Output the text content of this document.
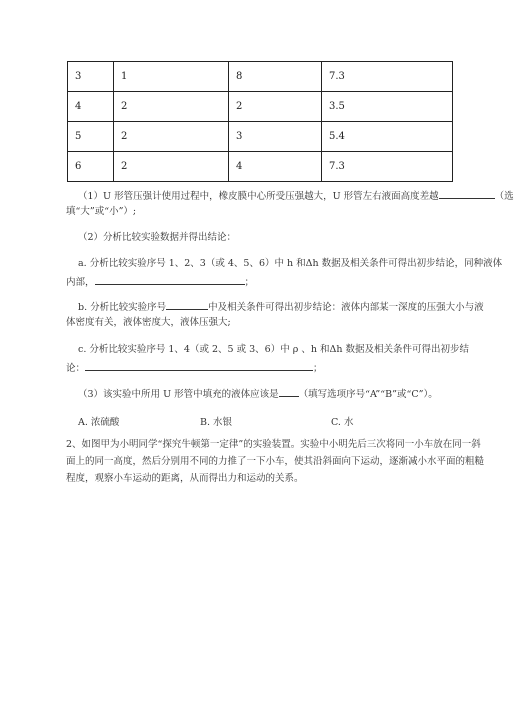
3	1	8	7.3
4	2	2	3.5
5	2	3	5.4
6	2	4	7.3
（1）U 形管压强计使用过程中，橡皮膜中心所受压强越大，U 形管左右液面高度差越	（选
填“大”或“小”）;
（2）分析比较实验数据并得出结论：
a. 分析比较实验序号 1、2、3（或 4、5、6）中 h 和Δh 数据及相关条件可得出初步结论，同种液体
内部，	；
b. 分析比较实验序号	中及相关条件可得出初步结论：液体内部某一深度的压强大小与液
体密度有关，液体密度大，液体压强大;
c. 分析比较实验序号 1、4（或 2、5 或 3、6）中 ρ 、h 和Δh 数据及相关条件可得出初步结
论：	；
（3）该实验中所用 U 形管中填充的液体应该是 （填写选项序号“A”“B”或“C”）。
A. 浓硫酸	B. 水银	C. 水
2、如图甲为小明同学“探究牛顿第一定律”的实验装置。实验中小明先后三次将同一小车放在同一斜
面上的同一高度，然后分别用不同的力推了一下小车，使其沿斜面向下运动，逐渐减小水平面的粗糙
程度，观察小车运动的距离，从而得出力和运动的关系。
